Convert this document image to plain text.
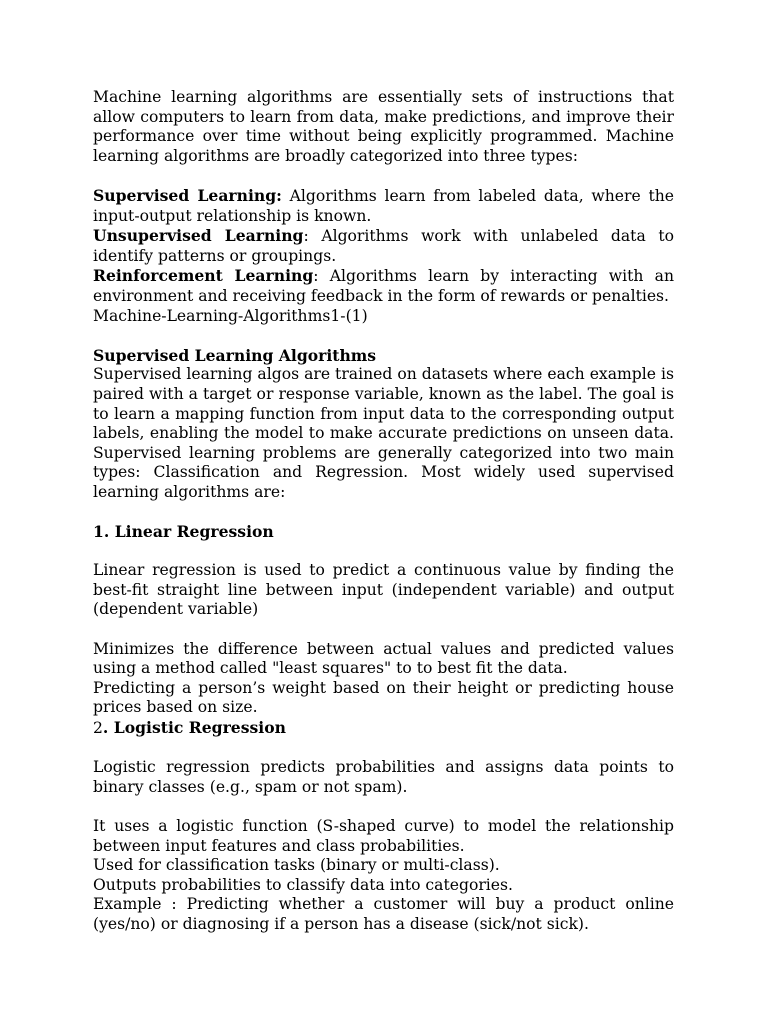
Machine learning algorithms are essentially sets of instructions that allow computers to learn from data, make predictions, and improve their performance over time without being explicitly programmed. Machine learning algorithms are broadly categorized into three types:

Supervised Learning: Algorithms learn from labeled data, where the input-output relationship is known.

Unsupervised Learning: Algorithms work with unlabeled data to identify patterns or groupings.

Reinforcement Learning: Algorithms learn by interacting with an environment and receiving feedback in the form of rewards or penalties.

Machine-Learning-Algorithms1-(1)

Supervised Learning Algorithms

Supervised learning algos are trained on datasets where each example is paired with a target or response variable, known as the label. The goal is to learn a mapping function from input data to the corresponding output labels, enabling the model to make accurate predictions on unseen data. Supervised learning problems are generally categorized into two main types: Classification and Regression. Most widely used supervised learning algorithms are:

1. Linear Regression

Linear regression is used to predict a continuous value by finding the best-fit straight line between input (independent variable) and output (dependent variable)

Minimizes the difference between actual values and predicted values using a method called "least squares" to to best fit the data.

Predicting a person’s weight based on their height or predicting house prices based on size.

2. Logistic Regression

Logistic regression predicts probabilities and assigns data points to binary classes (e.g., spam or not spam).

It uses a logistic function (S-shaped curve) to model the relationship between input features and class probabilities.

Used for classification tasks (binary or multi-class).

Outputs probabilities to classify data into categories.

Example : Predicting whether a customer will buy a product online (yes/no) or diagnosing if a person has a disease (sick/not sick).
